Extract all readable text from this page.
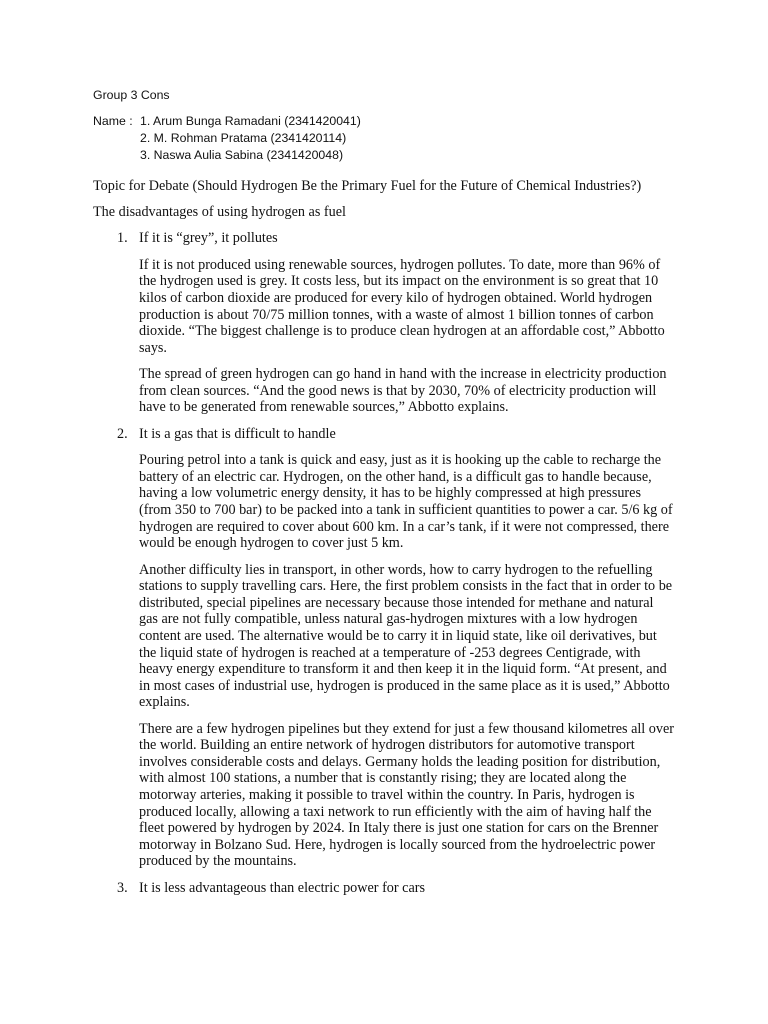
Group 3 Cons
Name : 1. Arum Bunga Ramadani (2341420041)
2. M. Rohman Pratama (2341420114)
3. Naswa Aulia Sabina (2341420048)
Topic for Debate (Should Hydrogen Be the Primary Fuel for the Future of Chemical Industries?)
The disadvantages of using hydrogen as fuel
1. If it is “grey”, it pollutes
If it is not produced using renewable sources, hydrogen pollutes. To date, more than 96% of
the hydrogen used is grey. It costs less, but its impact on the environment is so great that 10
kilos of carbon dioxide are produced for every kilo of hydrogen obtained. World hydrogen
production is about 70/75 million tonnes, with a waste of almost 1 billion tonnes of carbon
dioxide. “The biggest challenge is to produce clean hydrogen at an affordable cost,” Abbotto
says.
The spread of green hydrogen can go hand in hand with the increase in electricity production
from clean sources. “And the good news is that by 2030, 70% of electricity production will
have to be generated from renewable sources,” Abbotto explains.
2. It is a gas that is difficult to handle
Pouring petrol into a tank is quick and easy, just as it is hooking up the cable to recharge the
battery of an electric car. Hydrogen, on the other hand, is a difficult gas to handle because,
having a low volumetric energy density, it has to be highly compressed at high pressures
(from 350 to 700 bar) to be packed into a tank in sufficient quantities to power a car. 5/6 kg of
hydrogen are required to cover about 600 km. In a car’s tank, if it were not compressed, there
would be enough hydrogen to cover just 5 km.
Another difficulty lies in transport, in other words, how to carry hydrogen to the refuelling
stations to supply travelling cars. Here, the first problem consists in the fact that in order to be
distributed, special pipelines are necessary because those intended for methane and natural
gas are not fully compatible, unless natural gas-hydrogen mixtures with a low hydrogen
content are used. The alternative would be to carry it in liquid state, like oil derivatives, but
the liquid state of hydrogen is reached at a temperature of -253 degrees Centigrade, with
heavy energy expenditure to transform it and then keep it in the liquid form. “At present, and
in most cases of industrial use, hydrogen is produced in the same place as it is used,” Abbotto
explains.
There are a few hydrogen pipelines but they extend for just a few thousand kilometres all over
the world. Building an entire network of hydrogen distributors for automotive transport
involves considerable costs and delays. Germany holds the leading position for distribution,
with almost 100 stations, a number that is constantly rising; they are located along the
motorway arteries, making it possible to travel within the country. In Paris, hydrogen is
produced locally, allowing a taxi network to run efficiently with the aim of having half the
fleet powered by hydrogen by 2024. In Italy there is just one station for cars on the Brenner
motorway in Bolzano Sud. Here, hydrogen is locally sourced from the hydroelectric power
produced by the mountains.
3. It is less advantageous than electric power for cars
